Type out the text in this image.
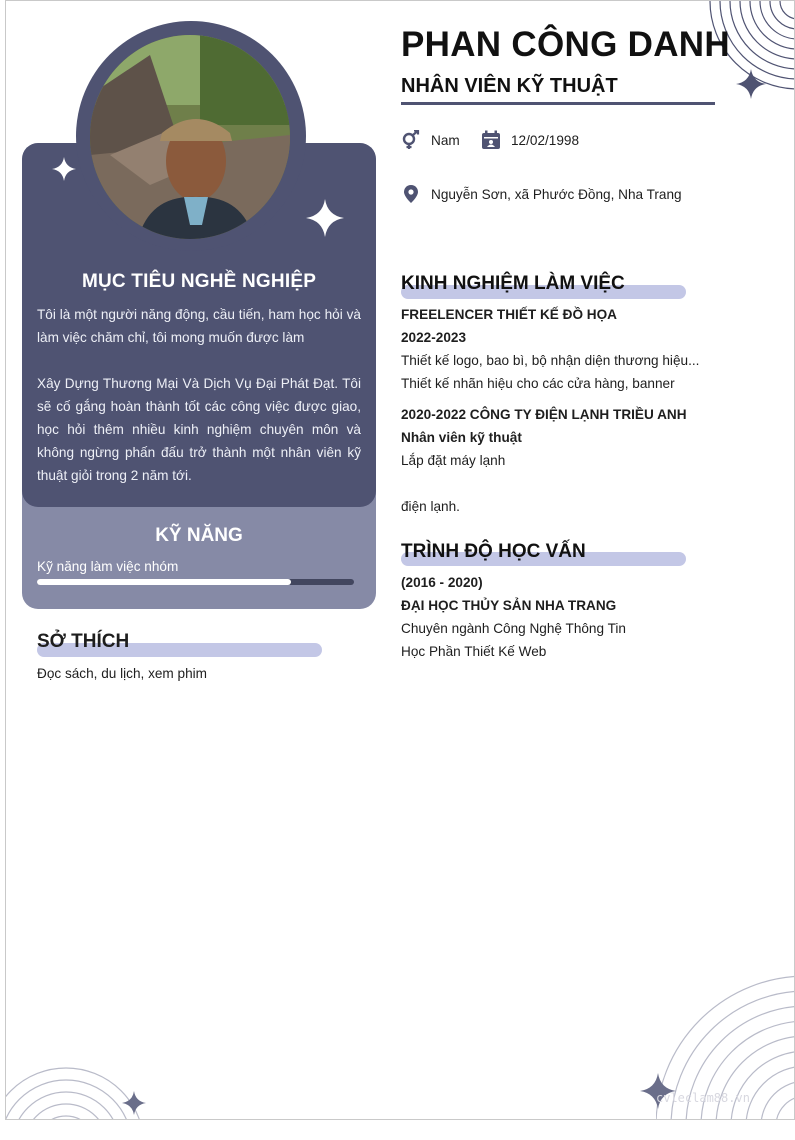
cvleclam88.vn
MỤC TIÊU NGHỀ NGHIỆP

Tôi là một người năng động, cầu tiến, ham học hỏi và làm việc chăm chỉ, tôi mong muốn được làm

Xây Dựng Thương Mại Và Dịch Vụ Đại Phát Đạt. Tôi sẽ cố gắng hoàn thành tốt các công việc được giao, học hỏi thêm nhiều kinh nghiệm chuyên môn và không ngừng phấn đấu trở thành một nhân viên kỹ thuật giỏi trong 2 năm tới.

KỸ NĂNG
Kỹ năng làm việc nhóm
SỞ THÍCH
Đọc sách, du lịch, xem phim
PHAN CÔNG DANH
NHÂN VIÊN KỸ THUẬT
Nam	12/02/1998
Nguyễn Sơn, xã Phước Đồng, Nha Trang
KINH NGHIỆM LÀM VIỆC
FREELENCER THIẾT KẾ ĐỒ HỌA
2022-2023
Thiết kế logo, bao bì, bộ nhận diện thương hiệu...
Thiết kế nhãn hiệu cho các cửa hàng, banner
2020-2022 CÔNG TY ĐIỆN LẠNH TRIỀU ANH
Nhân viên kỹ thuật
Lắp đặt máy lạnh
điện lạnh.
TRÌNH ĐỘ HỌC VẤN
(2016 - 2020)
ĐẠI HỌC THỦY SẢN NHA TRANG
Chuyên ngành Công Nghệ Thông Tin
Học Phần Thiết Kế Web
